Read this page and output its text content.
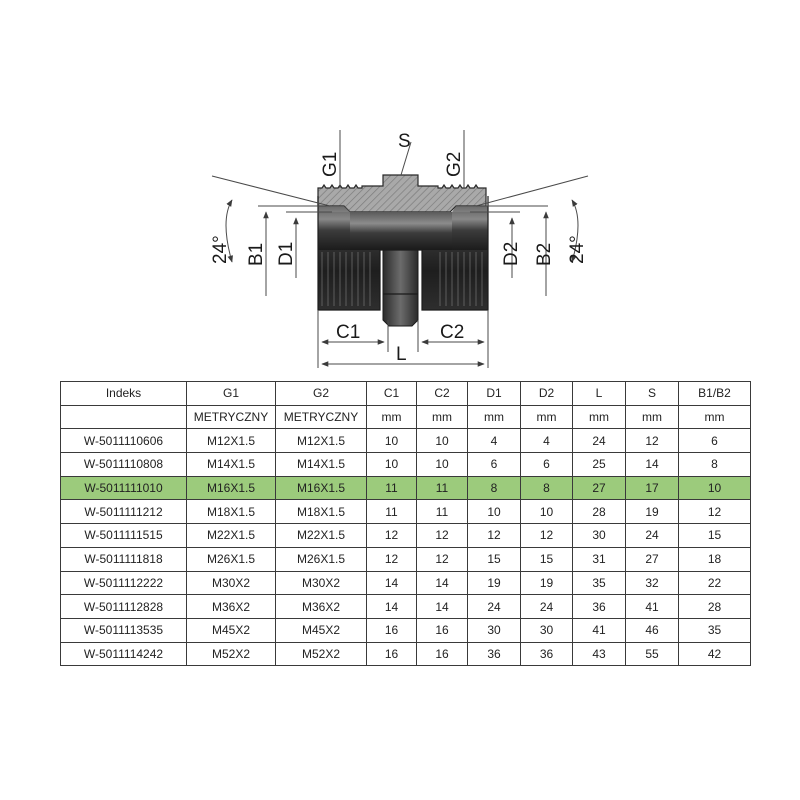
G1
S
G2
24° B1 D1	D2 B2 24°
C1	C2
L
Indeks	G1	G2	C1	C2	D1	D2	L	S	B1/B2
	METRYCZNY	METRYCZNY	mm	mm	mm	mm	mm	mm	mm
W-5011110606	M12X1.5	M12X1.5	10	10	4	4	24	12	6
W-5011110808	M14X1.5	M14X1.5	10	10	6	6	25	14	8
W-5011111010	M16X1.5	M16X1.5	11	11	8	8	27	17	10
W-5011111212	M18X1.5	M18X1.5	11	11	10	10	28	19	12
W-5011111515	M22X1.5	M22X1.5	12	12	12	12	30	24	15
W-5011111818	M26X1.5	M26X1.5	12	12	15	15	31	27	18
W-5011112222	M30X2	M30X2	14	14	19	19	35	32	22
W-5011112828	M36X2	M36X2	14	14	24	24	36	41	28
W-5011113535	M45X2	M45X2	16	16	30	30	41	46	35
W-5011114242	M52X2	M52X2	16	16	36	36	43	55	42
